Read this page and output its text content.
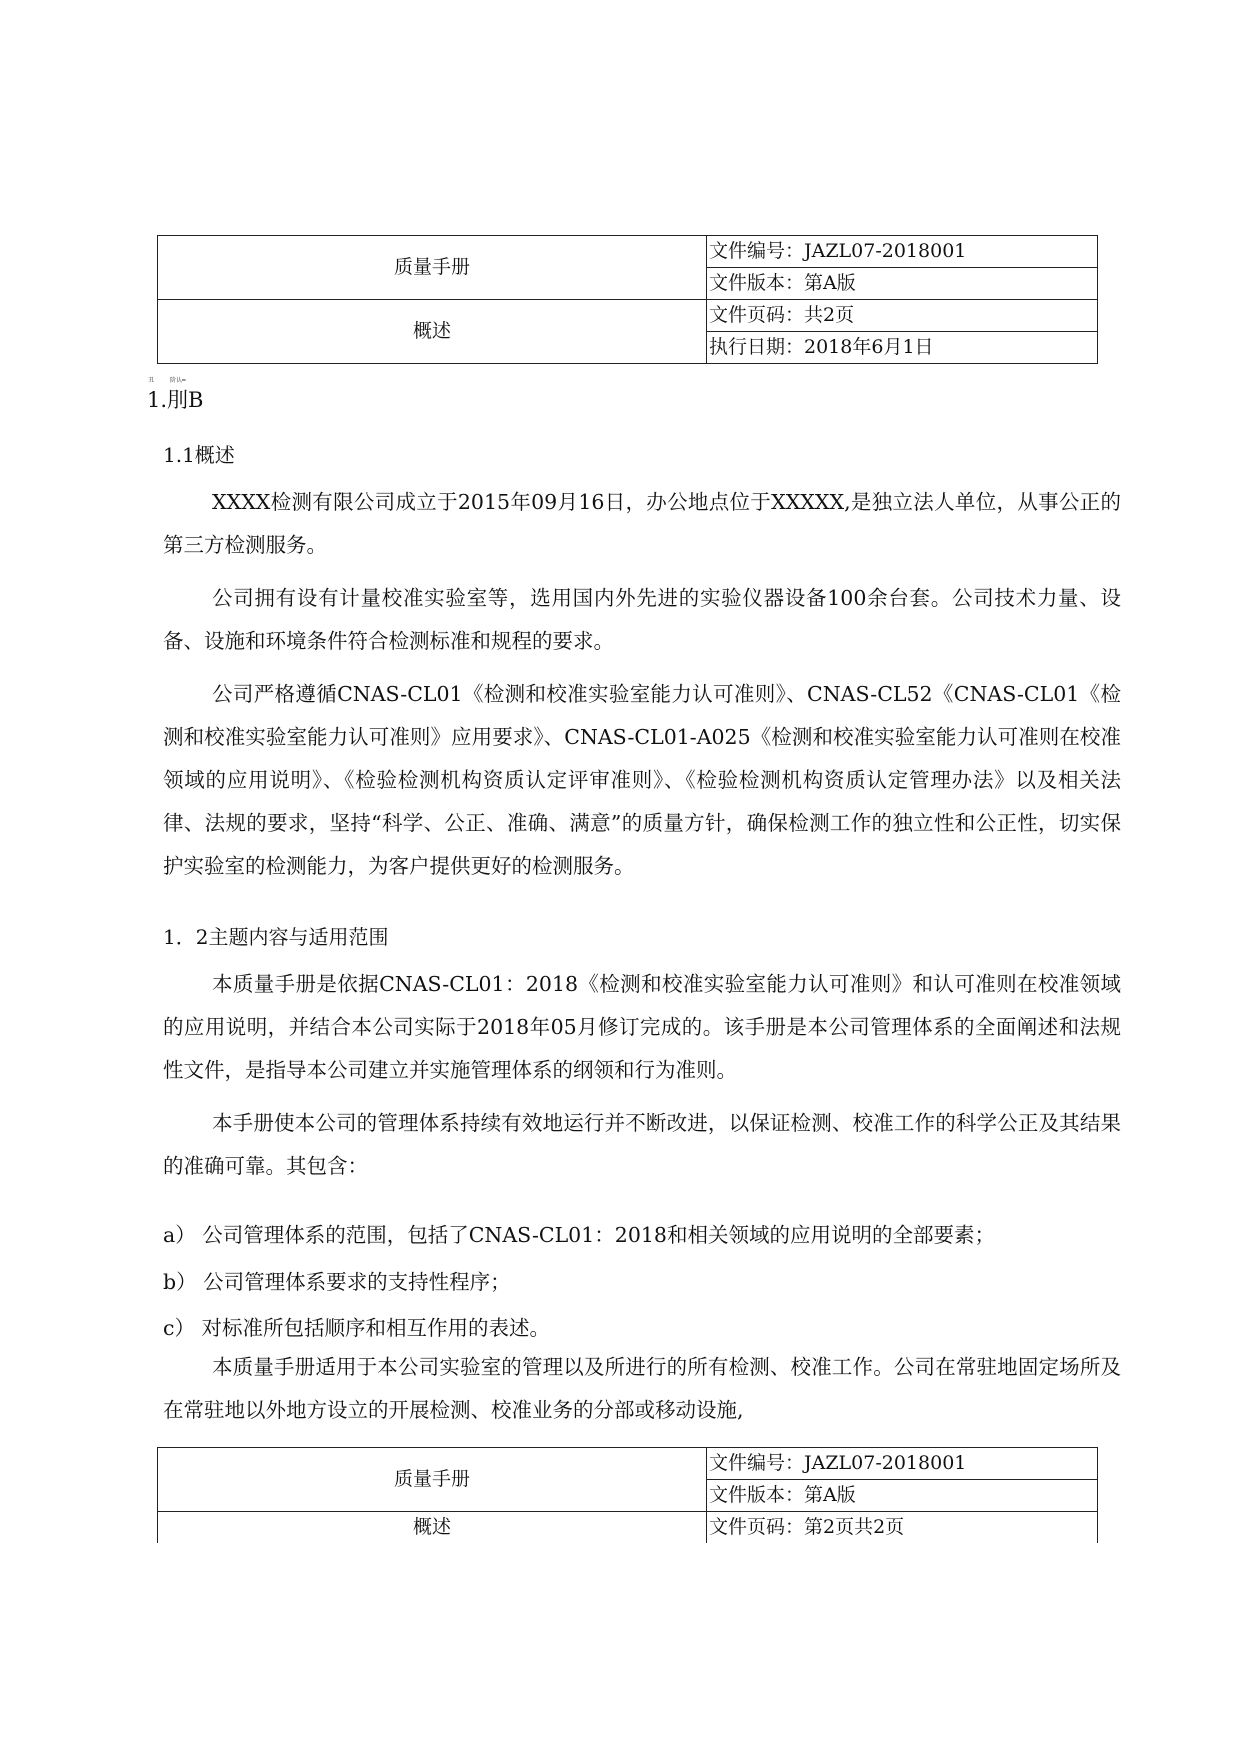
质量手册	文件编号：JAZL07-2018001
	文件版本：第A版
概述	文件页码：共2页
	执行日期：2018年6月1日
丑	阶认━
1.刖B
1.1概述
XXXX检测有限公司成立于2015年09月16日，办公地点位于XXXXX,是独立法人单位，从事公正的第三方检测服务。
公司拥有设有计量校准实验室等，选用国内外先进的实验仪器设备100余台套。公司技术力量、设备、设施和环境条件符合检测标准和规程的要求。
公司严格遵循CNAS-CL01《检测和校准实验室能力认可准则》、CNAS-CL52《CNAS-CL01《检测和校准实验室能力认可准则》应用要求》、CNAS-CL01-A025《检测和校准实验室能力认可准则在校准领域的应用说明》、《检验检测机构资质认定评审准则》、《检验检测机构资质认定管理办法》以及相关法律、法规的要求，坚持“科学、公正、准确、满意”的质量方针，确保检测工作的独立性和公正性，切实保护实验室的检测能力，为客户提供更好的检测服务。
1．2主题内容与适用范围
本质量手册是依据CNAS-CL01：2018《检测和校准实验室能力认可准则》和认可准则在校准领域的应用说明，并结合本公司实际于2018年05月修订完成的。该手册是本公司管理体系的全面阐述和法规性文件，是指导本公司建立并实施管理体系的纲领和行为准则。
本手册使本公司的管理体系持续有效地运行并不断改进，以保证检测、校准工作的科学公正及其结果的准确可靠。其包含：
a） 公司管理体系的范围，包括了CNAS-CL01：2018和相关领域的应用说明的全部要素；
b） 公司管理体系要求的支持性程序；
c） 对标准所包括顺序和相互作用的表述。
本质量手册适用于本公司实验室的管理以及所进行的所有检测、校准工作。公司在常驻地固定场所及在常驻地以外地方设立的开展检测、校准业务的分部或移动设施,
质量手册	文件编号：JAZL07-2018001
	文件版本：第A版
概述	文件页码：第2页共2页
